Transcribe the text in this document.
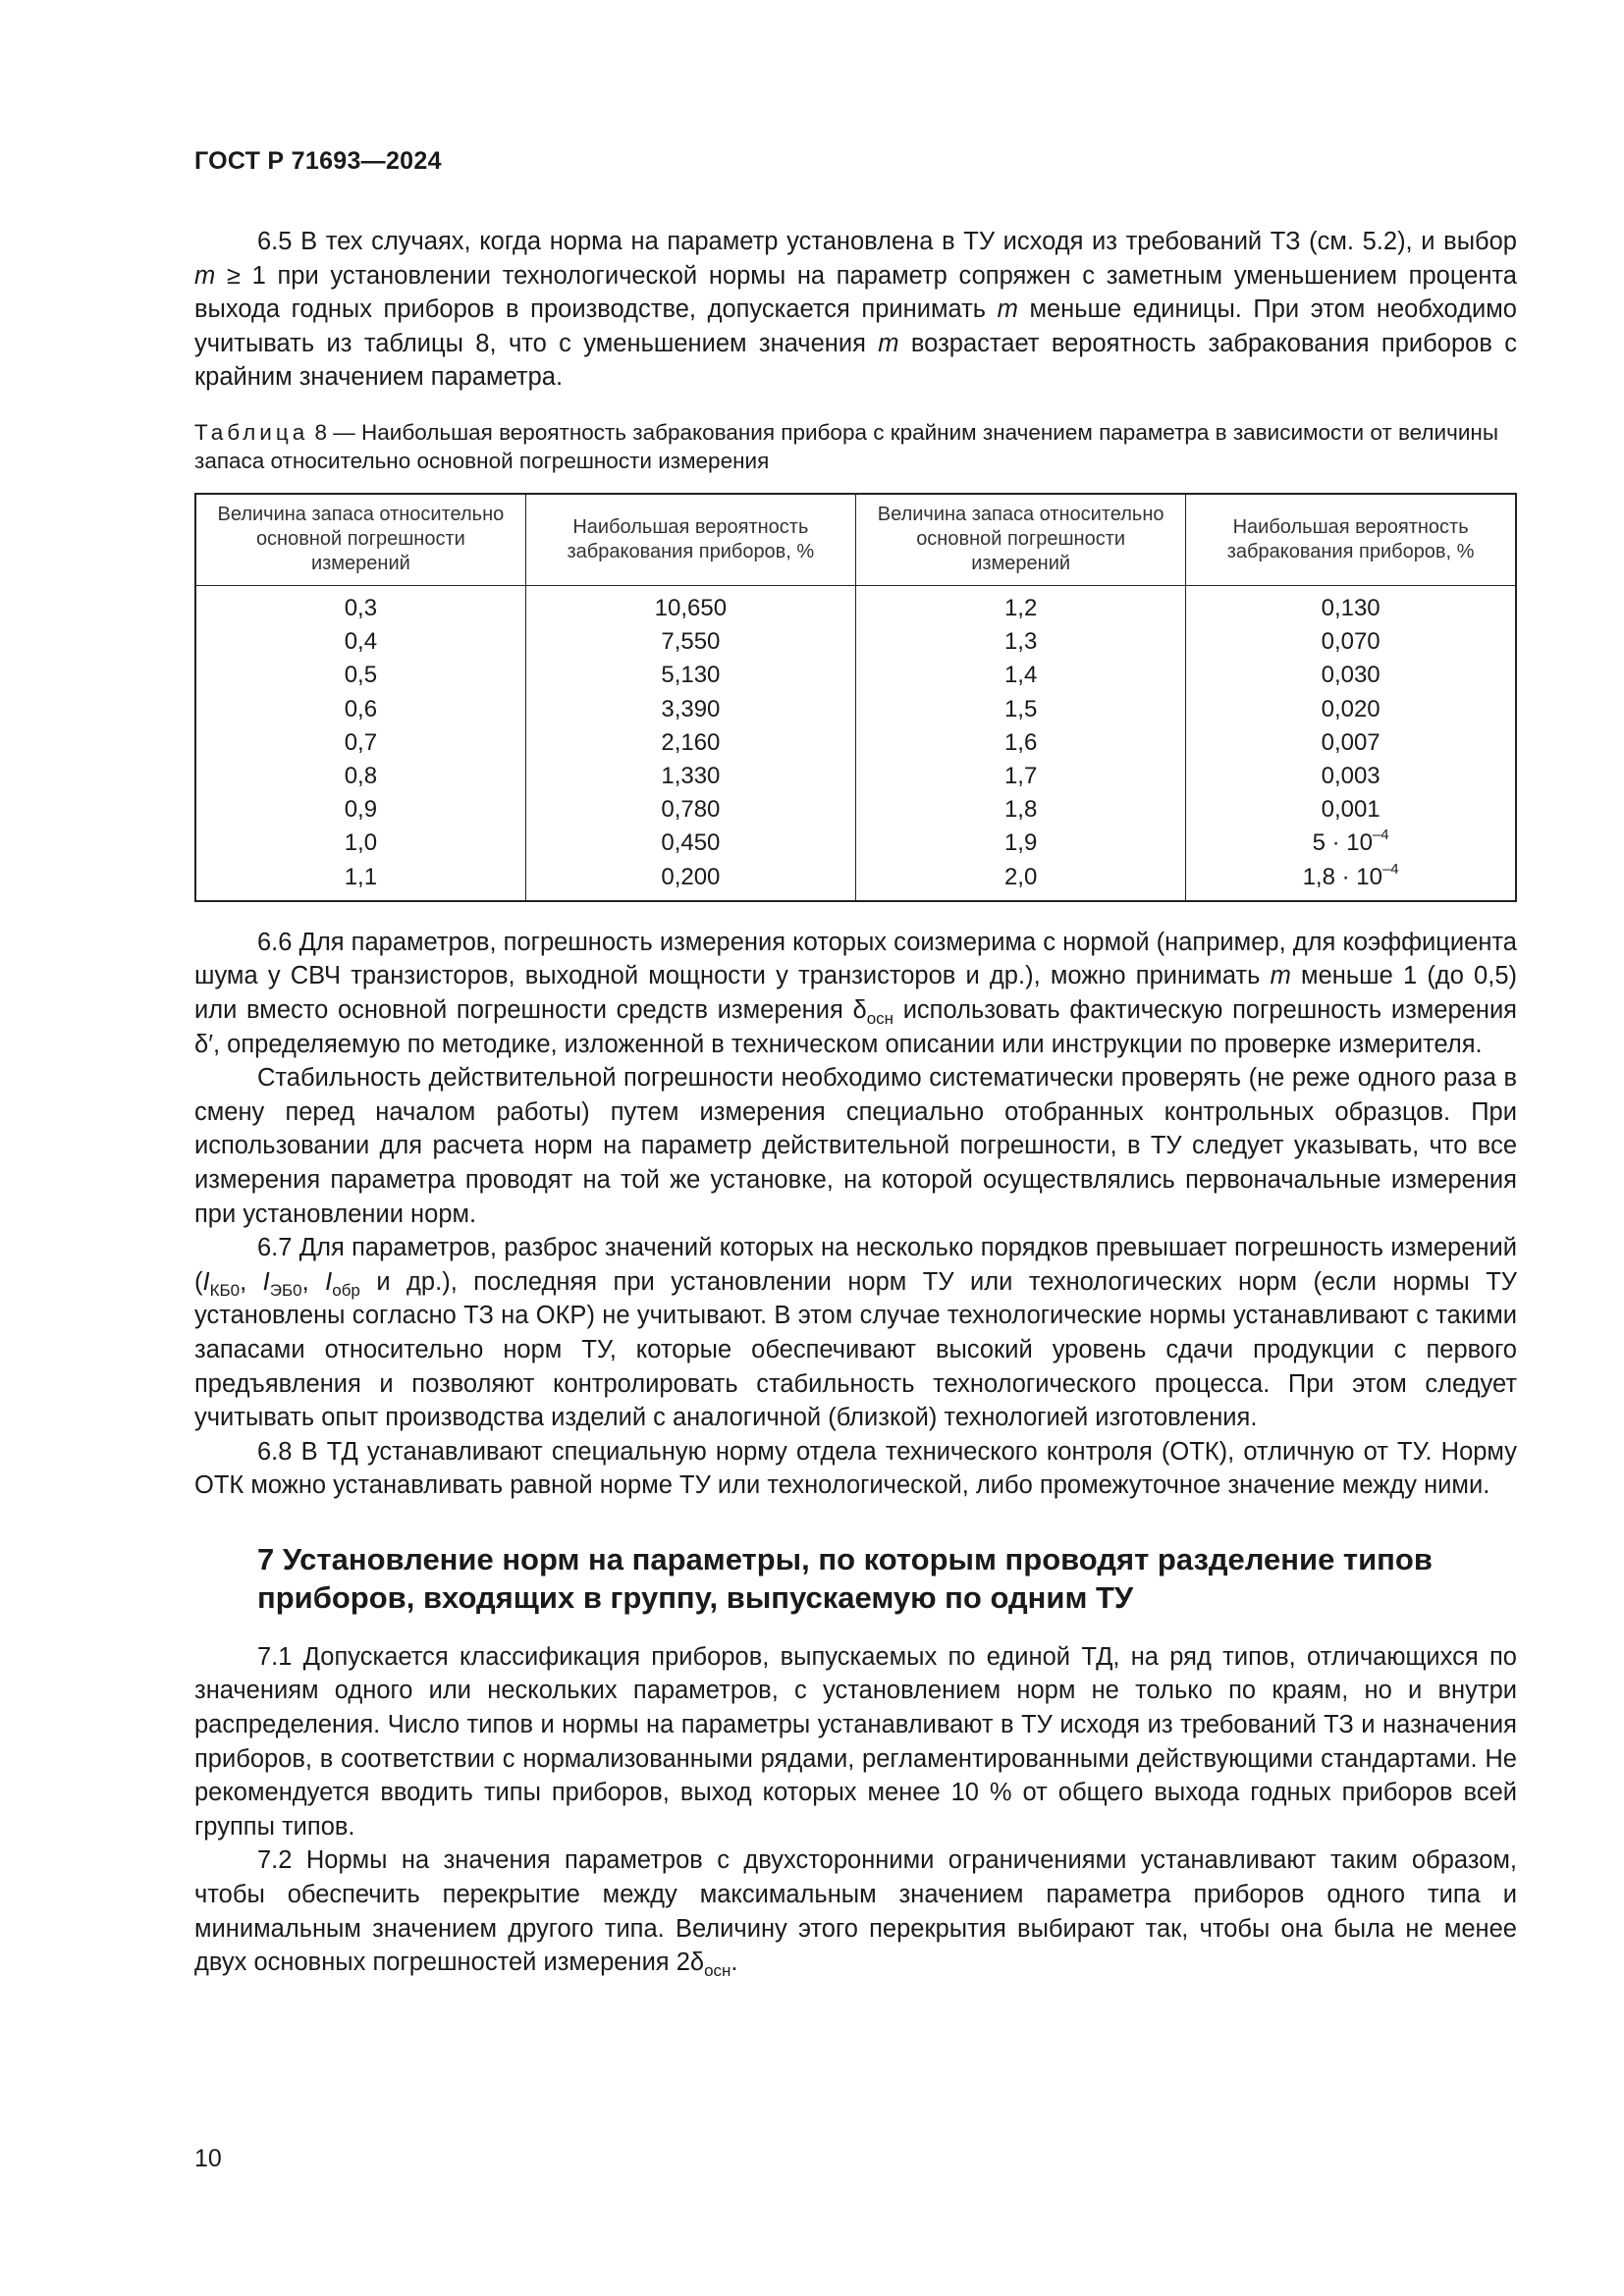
ГОСТ Р 71693—2024

6.5 В тех случаях, когда норма на параметр установлена в ТУ исходя из требований ТЗ (см. 5.2), и выбор m ≥ 1 при установлении технологической нормы на параметр сопряжен с заметным уменьшением процента выхода годных приборов в производстве, допускается принимать m меньше единицы. При этом необходимо учитывать из таблицы 8, что с уменьшением значения m возрастает вероятность забракования приборов с крайним значением параметра.

Таблица 8 — Наибольшая вероятность забракования прибора с крайним значением параметра в зависимости от величины запаса относительно основной погрешности измерения

Величина запаса относительно основной погрешности измерений	Наибольшая вероятность забракования приборов, %	Величина запаса относительно основной погрешности измерений	Наибольшая вероятность забракования приборов, %
0,3	10,650	1,2	0,130
0,4	7,550	1,3	0,070
0,5	5,130	1,4	0,030
0,6	3,390	1,5	0,020
0,7	2,160	1,6	0,007
0,8	1,330	1,7	0,003
0,9	0,780	1,8	0,001
1,0	0,450	1,9	$5 \cdot 10^{-4}$
1,1	0,200	2,0	$1,8 \cdot 10^{-4}$

6.6 Для параметров, погрешность измерения которых соизмерима с нормой (например, для коэффициента шума у СВЧ транзисторов, выходной мощности у транзисторов и др.), можно принимать m меньше 1 (до 0,5) или вместо основной погрешности средств измерения $\delta_{осн}$ использовать фактическую погрешность измерения δ′, определяемую по методике, изложенной в техническом описании или инструкции по проверке измерителя.

Стабильность действительной погрешности необходимо систематически проверять (не реже одного раза в смену перед началом работы) путем измерения специально отобранных контрольных образцов. При использовании для расчета норм на параметр действительной погрешности, в ТУ следует указывать, что все измерения параметра проводят на той же установке, на которой осуществлялись первоначальные измерения при установлении норм.

6.7 Для параметров, разброс значений которых на несколько порядков превышает погрешность измерений ($I_{КБ0}$, $I_{ЭБ0}$, $I_{обр}$ и др.), последняя при установлении норм ТУ или технологических норм (если нормы ТУ установлены согласно ТЗ на ОКР) не учитывают. В этом случае технологические нормы устанавливают с такими запасами относительно норм ТУ, которые обеспечивают высокий уровень сдачи продукции с первого предъявления и позволяют контролировать стабильность технологического процесса. При этом следует учитывать опыт производства изделий с аналогичной (близкой) технологией изготовления.

6.8 В ТД устанавливают специальную норму отдела технического контроля (ОТК), отличную от ТУ. Норму ОТК можно устанавливать равной норме ТУ или технологической, либо промежуточное значение между ними.

7 Установление норм на параметры, по которым проводят разделение типов приборов, входящих в группу, выпускаемую по одним ТУ

7.1 Допускается классификация приборов, выпускаемых по единой ТД, на ряд типов, отличающихся по значениям одного или нескольких параметров, с установлением норм не только по краям, но и внутри распределения. Число типов и нормы на параметры устанавливают в ТУ исходя из требований ТЗ и назначения приборов, в соответствии с нормализованными рядами, регламентированными действующими стандартами. Не рекомендуется вводить типы приборов, выход которых менее 10 % от общего выхода годных приборов всей группы типов.

7.2 Нормы на значения параметров с двухсторонними ограничениями устанавливают таким образом, чтобы обеспечить перекрытие между максимальным значением параметра приборов одного типа и минимальным значением другого типа. Величину этого перекрытия выбирают так, чтобы она была не менее двух основных погрешностей измерения $2\delta_{осн}$.

10
